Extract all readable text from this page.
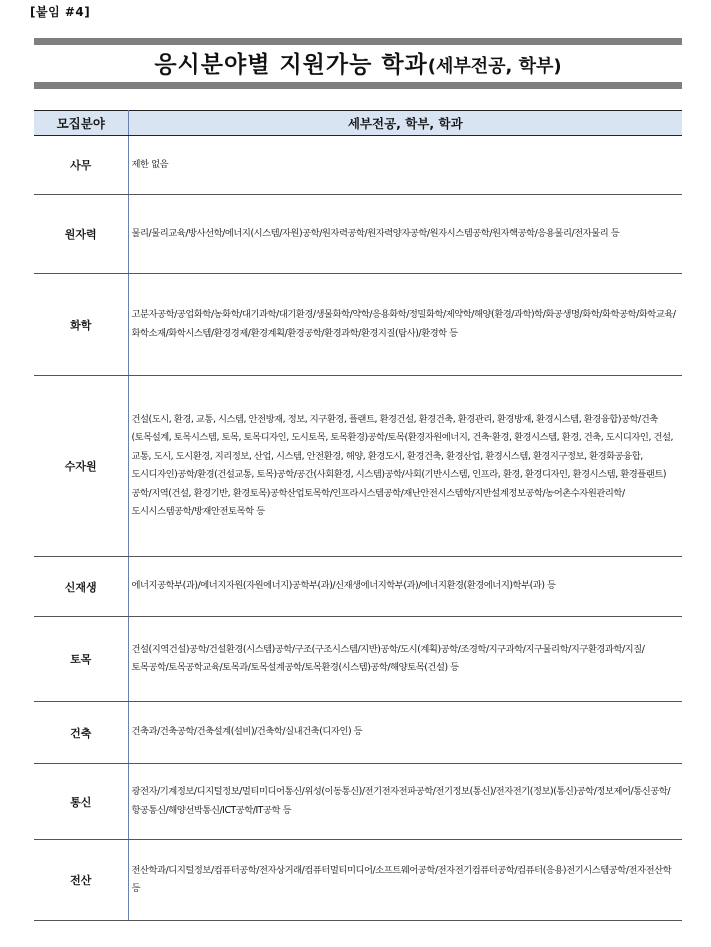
[붙임 #4]
응시분야별 지원가능 학과(세부전공, 학부)
모집분야	세부전공, 학부, 학과
사무	제한 없음
원자력	물리/물리교육/방사선학/에너지(시스템/자원)공학/원자력공학/원자력양자공학/원자시스템공학/원자핵공학/응용물리/전자물리 등
화학	고분자공학/공업화학/농화학/대기과학/대기환경/생물화학/약학/응용화학/정밀화학/제약학/해양(환경/과학)학/화공생명/화학/화학공학/화학교육/화학소재/화학시스템/환경경제/환경계획/환경공학/환경과학/환경지질(탐사)/환경학 등
수자원	건설(도시, 환경, 교통, 시스템, 안전방재, 정보, 지구환경, 플랜트, 환경건설, 환경건축, 환경관리, 환경방재, 환경시스템, 환경융합)공학/건축(토목설계, 토목시스템, 토목, 토목디자인, 도시토목, 토목환경)공학/토목(환경자원에너지, 건축·환경, 환경시스템, 환경, 건축, 도시디자인, 건설, 교통, 도시, 도시환경, 지리정보, 산업, 시스템, 안전환경, 해양, 환경도시, 환경건축, 환경산업, 환경시스템, 환경지구정보, 환경화공융합, 도시디자인)공학/환경(건설교통, 토목)공학/공간(사회환경, 시스템)공학/사회(기반시스템, 인프라, 환경, 환경디자인, 환경시스템, 환경플랜트)공학/지역(건설, 환경기반, 환경토목)공학산업토목학/인프라시스템공학/재난안전시스템학/지반설계정보공학/농어촌수자원관리학/도시시스템공학/방재안전토목학 등
신재생	에너지공학부(과)/에너지자원(자원에너지)공학부(과)/신재생에너지학부(과)/에너지환경(환경에너지)학부(과) 등
토목	건설(지역건설)공학/건설환경(시스템)공학/구조(구조시스템/지반)공학/도시(계획)공학/조경학/지구과학/지구물리학/지구환경과학/지질/토목공학/토목공학교육/토목과/토목설계공학/토목환경(시스템)공학/해양토목(건설) 등
건축	건축과/건축공학/건축설계(설비)/건축학/실내건축(디자인) 등
통신	광전자/기계정보/디지털정보/멀티미디어통신/위성(이동통신)/전기전자전파공학/전기정보(통신)/전자전기(정보)(통신)공학/정보제어/통신공학/항공통신/해양선박통신/ICT공학/IT공학 등
전산	전산학과/디지털정보/컴퓨터공학/전자상거래/컴퓨터멀티미디어/소프트웨어공학/전자전기컴퓨터공학/컴퓨터(응용)전기시스템공학/전자전산학 등
